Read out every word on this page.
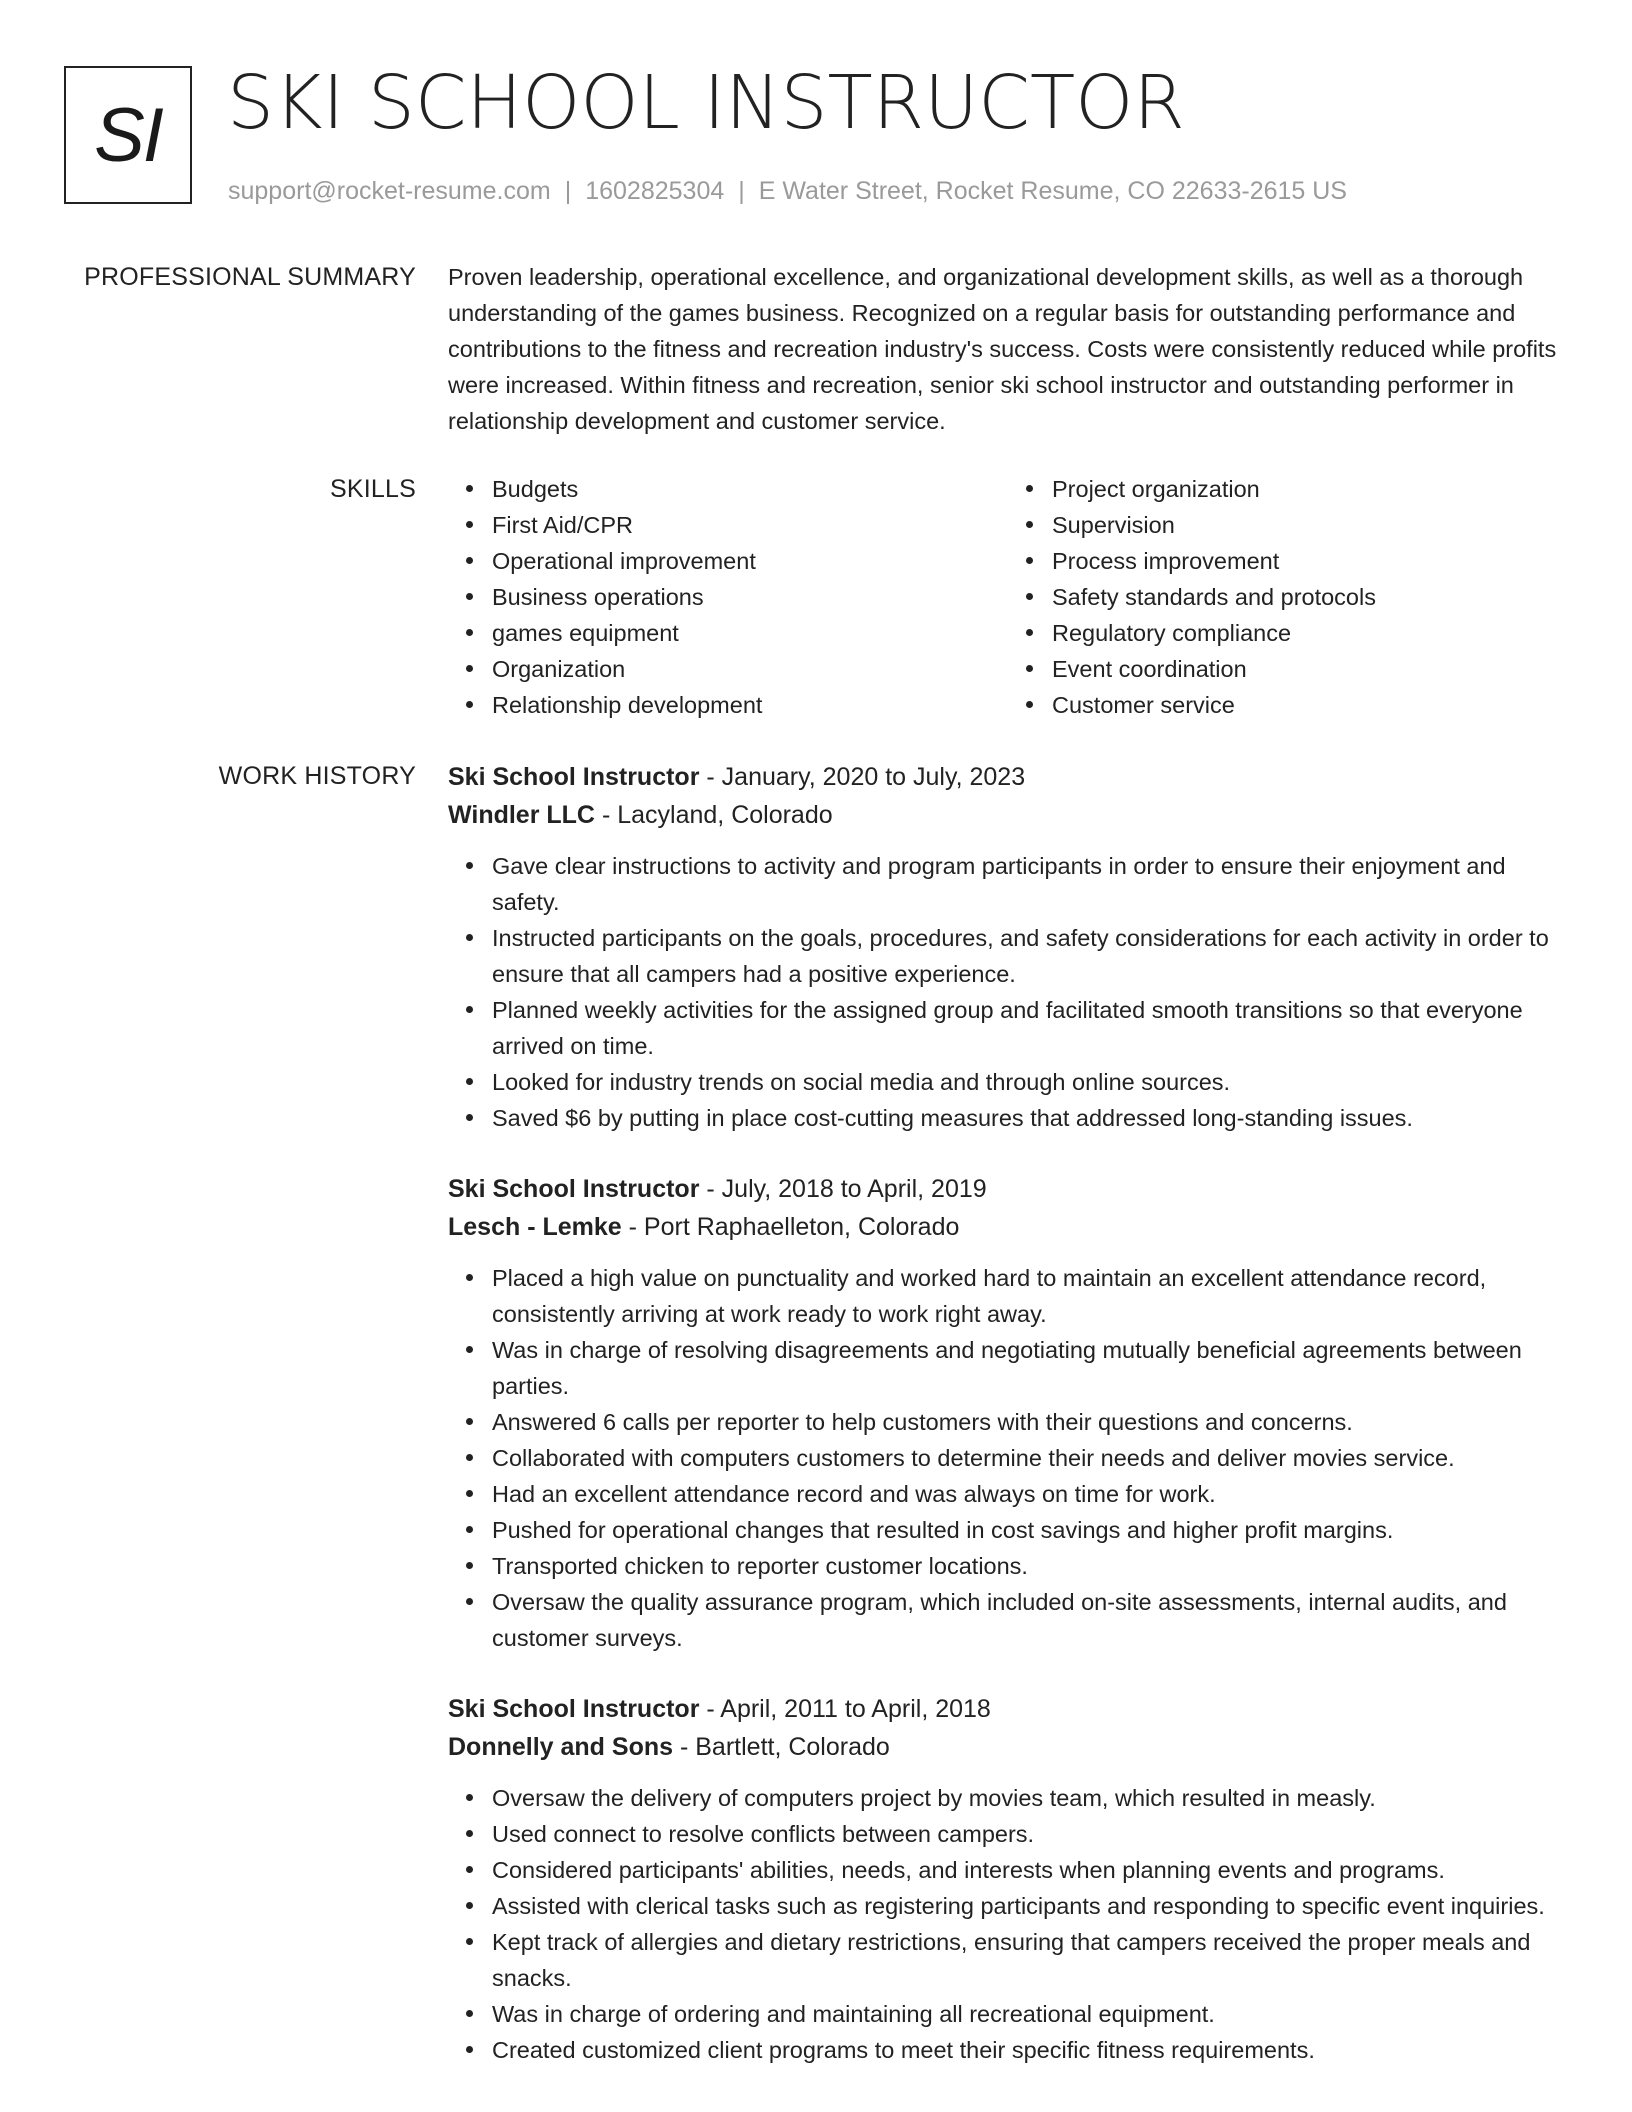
SI SKI SCHOOL INSTRUCTOR
support@rocket-resume.com | 1602825304 | E Water Street, Rocket Resume, CO 22633-2615 US
PROFESSIONAL SUMMARY Proven leadership, operational excellence, and organizational development skills, as well as a thorough understanding of the games business. Recognized on a regular basis for outstanding performance and contributions to the fitness and recreation industry's success. Costs were consistently reduced while profits were increased. Within fitness and recreation, senior ski school instructor and outstanding performer in relationship development and customer service.

SKILLS	Budgets
First Aid/CPR
Operational improvement
Business operations
games equipment
Organization
Relationship development
Project organization
Supervision
Process improvement
Safety standards and protocols
Regulatory compliance
Event coordination
Customer service
WORK HISTORY Ski School Instructor - January, 2020 to July, 2023

Windler LLC - Lacyland, Colorado

Gave clear instructions to activity and program participants in order to ensure their enjoyment and safety.
Instructed participants on the goals, procedures, and safety considerations for each activity in order to ensure that all campers had a positive experience.
Planned weekly activities for the assigned group and facilitated smooth transitions so that everyone arrived on time.
Looked for industry trends on social media and through online sources.
Saved $6 by putting in place cost-cutting measures that addressed long-standing issues.

Ski School Instructor - July, 2018 to April, 2019

Lesch - Lemke - Port Raphaelleton, Colorado

Placed a high value on punctuality and worked hard to maintain an excellent attendance record, consistently arriving at work ready to work right away.
Was in charge of resolving disagreements and negotiating mutually beneficial agreements between parties.
Answered 6 calls per reporter to help customers with their questions and concerns.
Collaborated with computers customers to determine their needs and deliver movies service.
Had an excellent attendance record and was always on time for work.
Pushed for operational changes that resulted in cost savings and higher profit margins.
Transported chicken to reporter customer locations.
Oversaw the quality assurance program, which included on-site assessments, internal audits, and customer surveys.

Ski School Instructor - April, 2011 to April, 2018

Donnelly and Sons - Bartlett, Colorado

Oversaw the delivery of computers project by movies team, which resulted in measly.
Used connect to resolve conflicts between campers.
Considered participants' abilities, needs, and interests when planning events and programs.
Assisted with clerical tasks such as registering participants and responding to specific event inquiries.
Kept track of allergies and dietary restrictions, ensuring that campers received the proper meals and snacks.
Was in charge of ordering and maintaining all recreational equipment.
Created customized client programs to meet their specific fitness requirements.
